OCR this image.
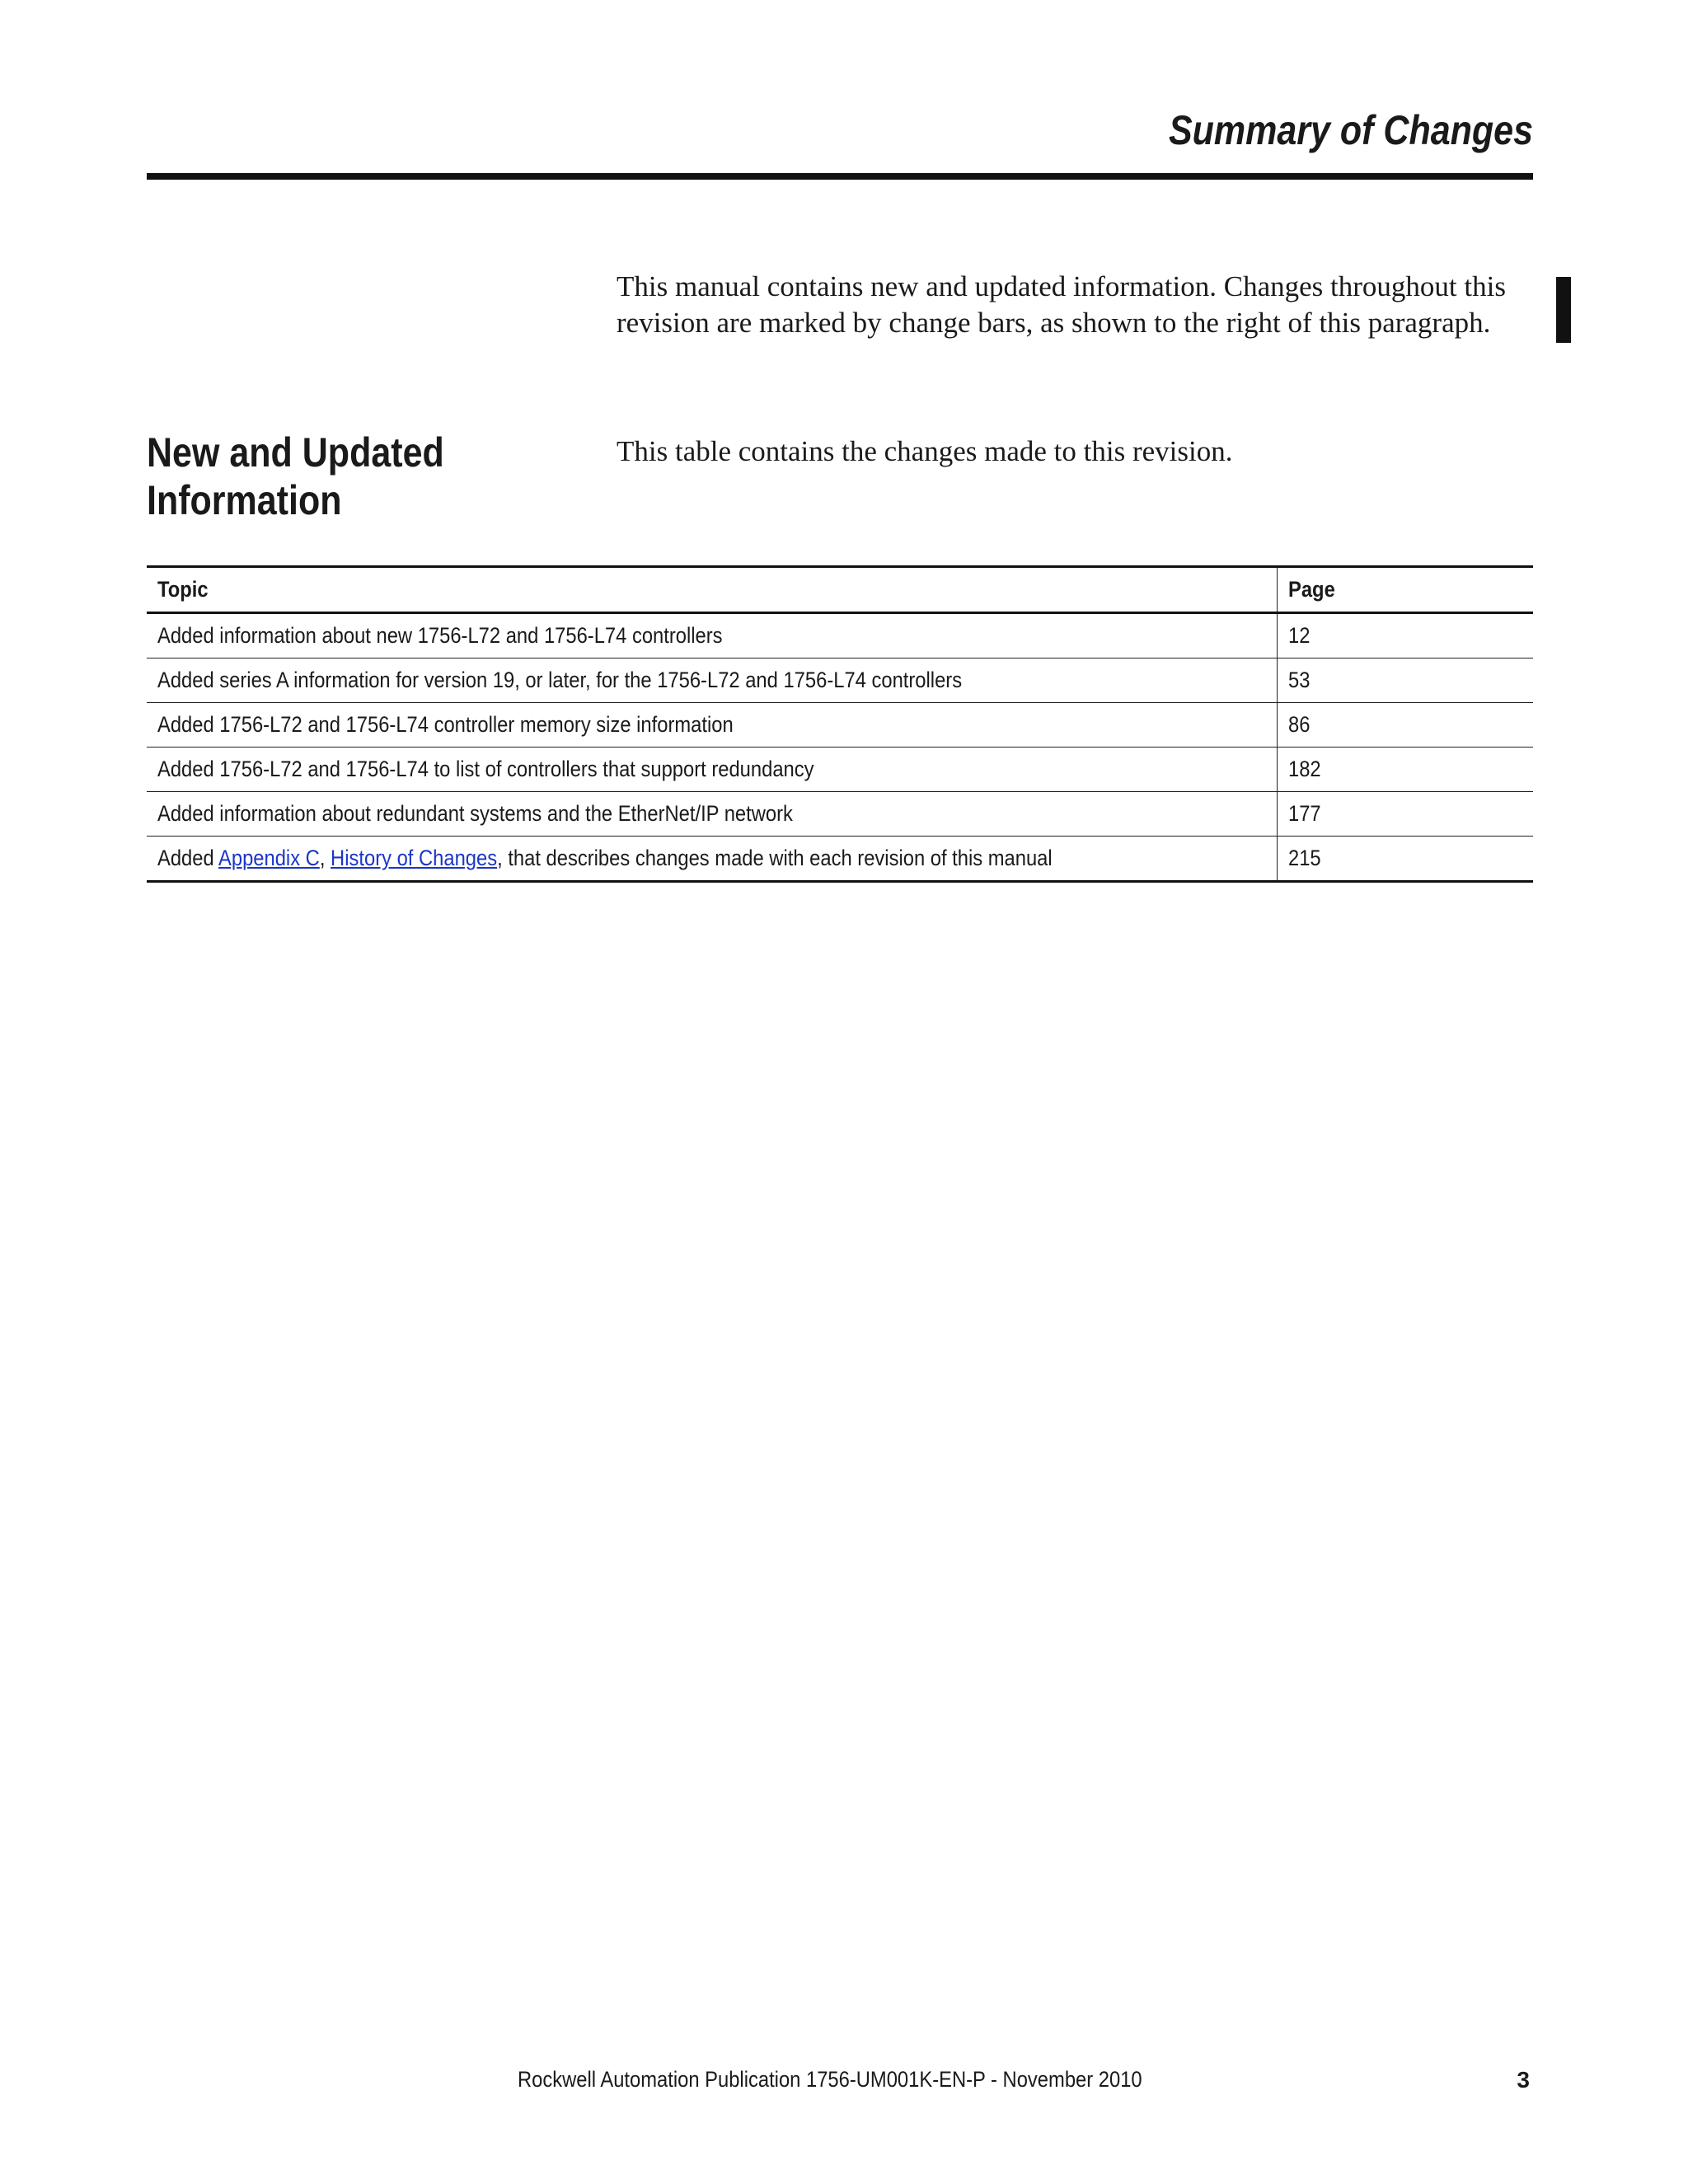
Summary of Changes

This manual contains new and updated information. Changes throughout this revision are marked by change bars, as shown to the right of this paragraph.

New and Updated Information

This table contains the changes made to this revision.

Topic	Page
Added information about new 1756-L72 and 1756-L74 controllers	12
Added series A information for version 19, or later, for the 1756-L72 and 1756-L74 controllers	53
Added 1756-L72 and 1756-L74 controller memory size information	86
Added 1756-L72 and 1756-L74 to list of controllers that support redundancy	182
Added information about redundant systems and the EtherNet/IP network	177
Added Appendix C, History of Changes, that describes changes made with each revision of this manual	215

Rockwell Automation Publication 1756-UM001K-EN-P - November 2010	3
